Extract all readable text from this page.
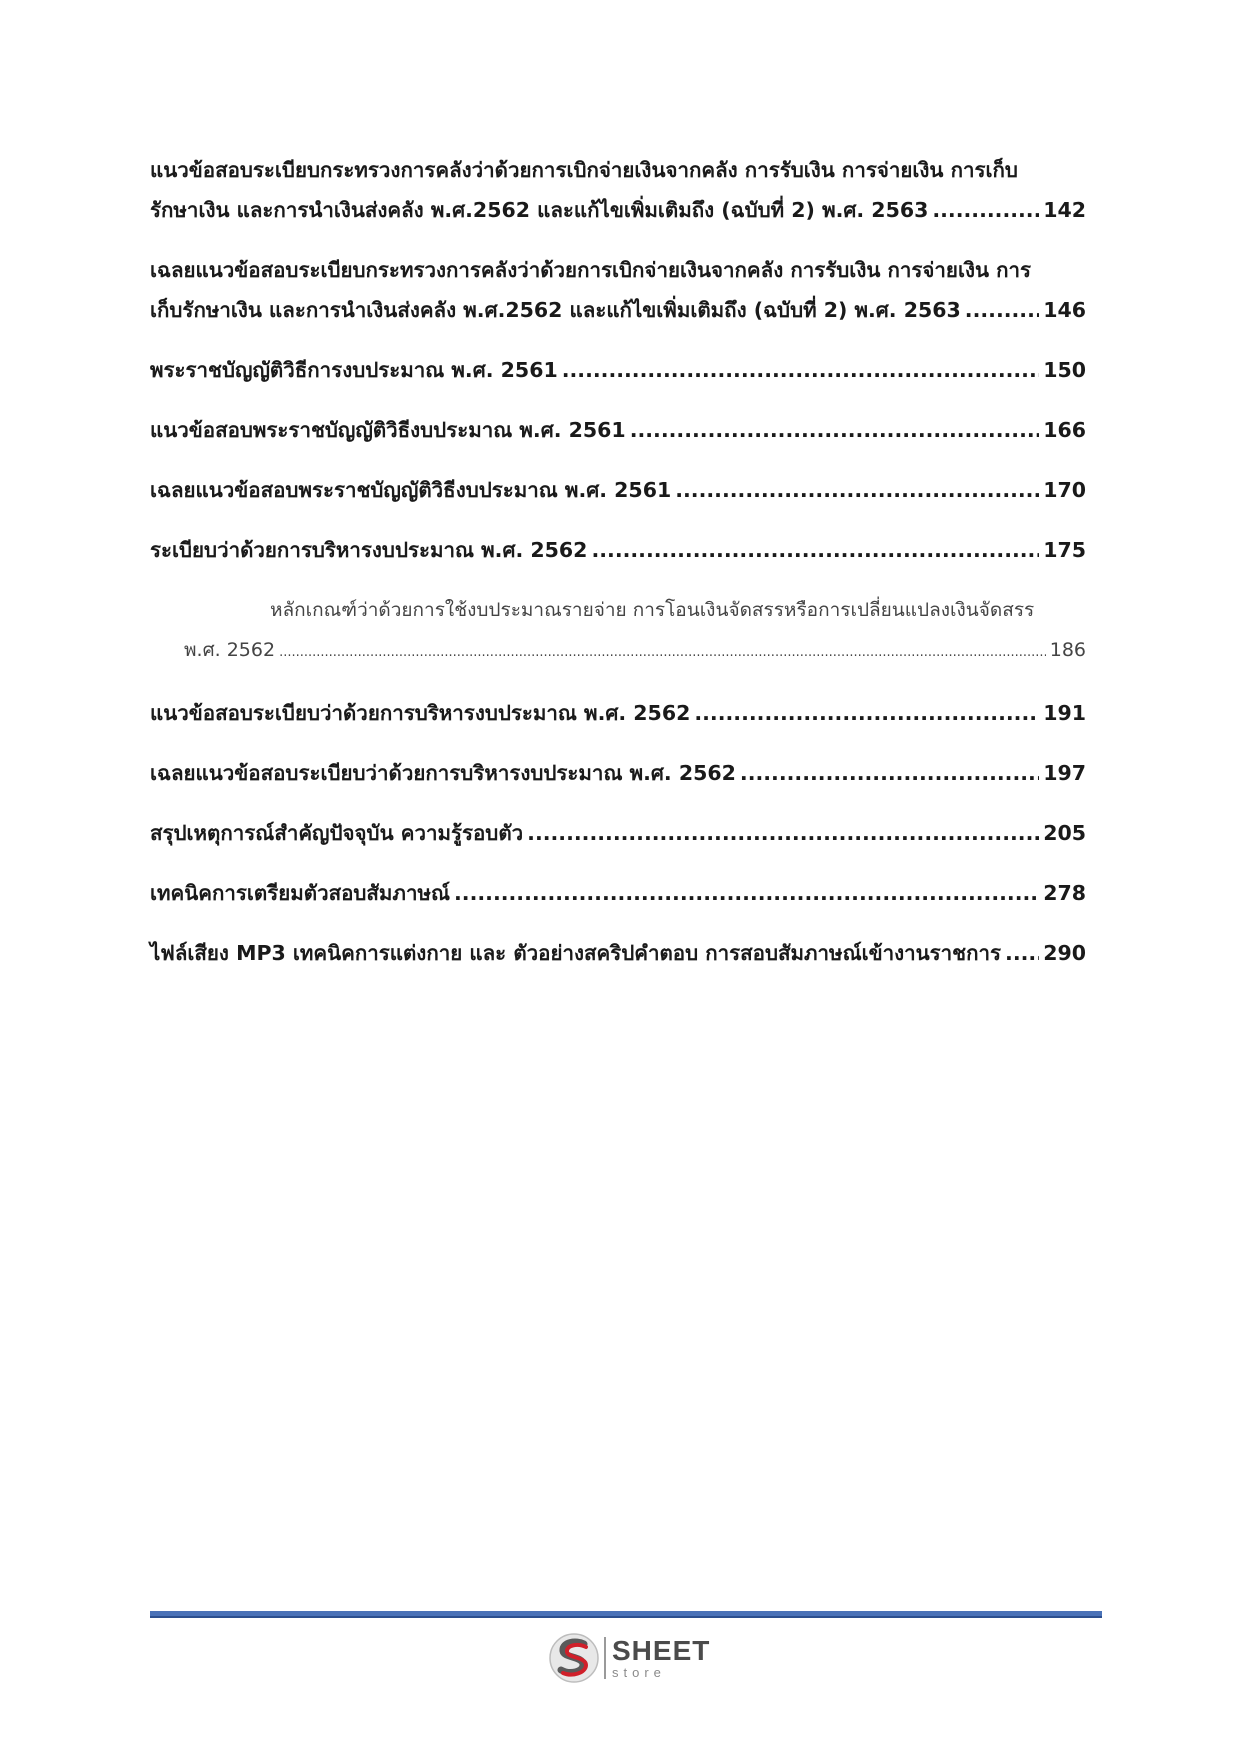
แนวข้อสอบระเบียบกระทรวงการคลังว่าด้วยการเบิกจ่ายเงินจากคลัง การรับเงิน การจ่ายเงิน การเก็บ
รักษาเงิน และการนำเงินส่งคลัง พ.ศ.2562 และแก้ไขเพิ่มเติมถึง (ฉบับที่ 2) พ.ศ. 2563 .....	142
เฉลยแนวข้อสอบระเบียบกระทรวงการคลังว่าด้วยการเบิกจ่ายเงินจากคลัง การรับเงิน การจ่ายเงิน การ
เก็บรักษาเงิน และการนำเงินส่งคลัง พ.ศ.2562 และแก้ไขเพิ่มเติมถึง (ฉบับที่ 2) พ.ศ. 2563 .....	146
พระราชบัญญัติวิธีการงบประมาณ พ.ศ. 2561 .....	150
แนวข้อสอบพระราชบัญญัติวิธีงบประมาณ พ.ศ. 2561 .....	166
เฉลยแนวข้อสอบพระราชบัญญัติวิธีงบประมาณ พ.ศ. 2561 .....	170
ระเบียบว่าด้วยการบริหารงบประมาณ พ.ศ. 2562 .....	175
หลักเกณฑ์ว่าด้วยการใช้งบประมาณรายจ่าย การโอนเงินจัดสรรหรือการเปลี่ยนแปลงเงินจัดสรร
พ.ศ. 2562 .....	186
แนวข้อสอบระเบียบว่าด้วยการบริหารงบประมาณ พ.ศ. 2562 .....	191
เฉลยแนวข้อสอบระเบียบว่าด้วยการบริหารงบประมาณ พ.ศ. 2562 .....	197
สรุปเหตุการณ์สำคัญปัจจุบัน ความรู้รอบตัว .....	205
เทคนิคการเตรียมตัวสอบสัมภาษณ์ .....	278
ไฟล์เสียง MP3 เทคนิคการแต่งกาย และ ตัวอย่างสคริปคำตอบ การสอบสัมภาษณ์เข้างานราชการ ..... 290
SHEET
store
